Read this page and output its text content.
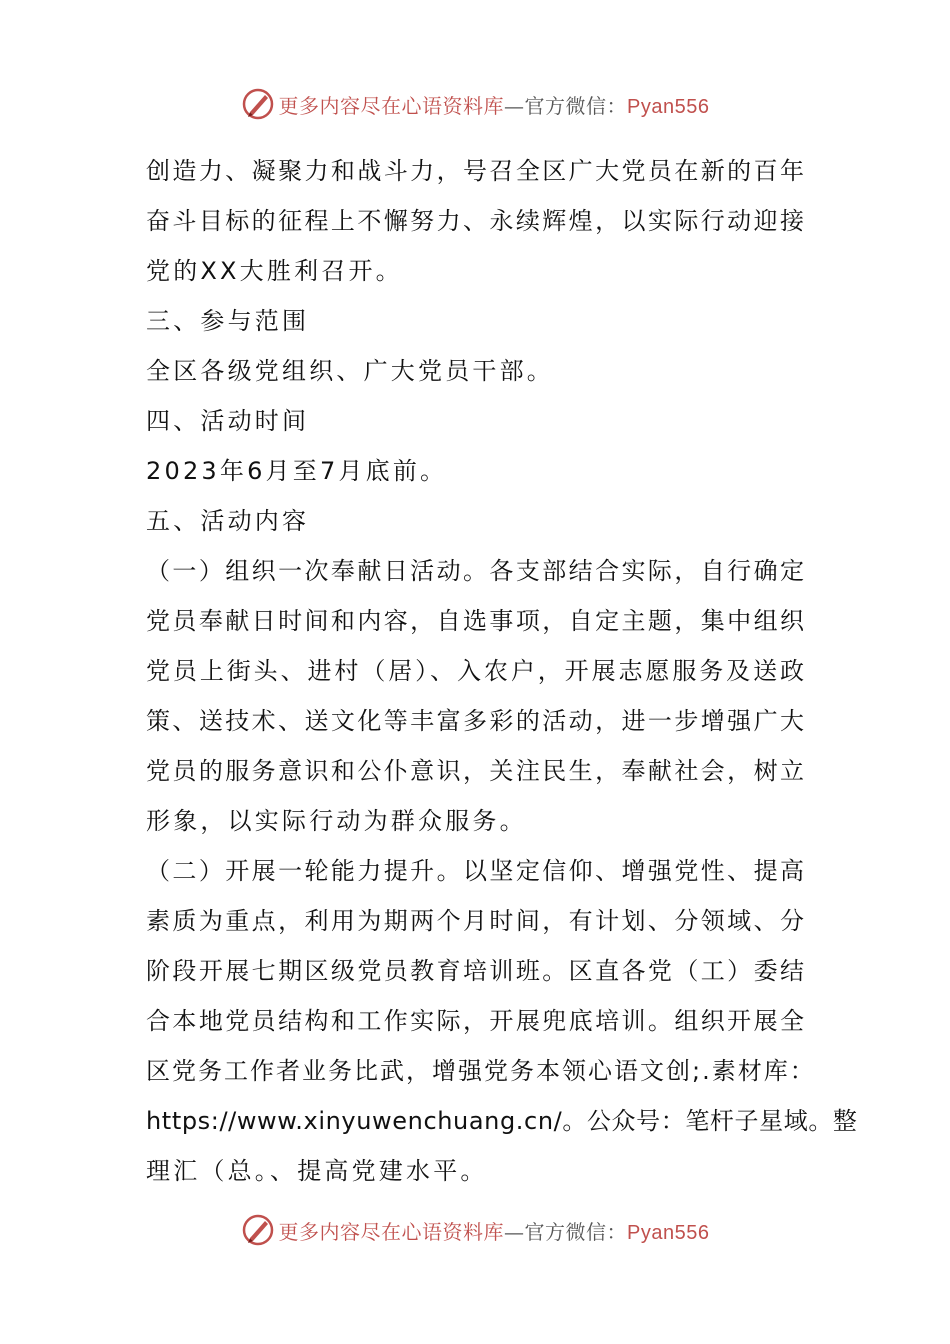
更多内容尽在心语资料库—官方微信：Pyan556
创造力、凝聚力和战斗力，号召全区广大党员在新的百年
奋斗目标的征程上不懈努力、永续辉煌，以实际行动迎接
党的XX大胜利召开。
三、参与范围
全区各级党组织、广大党员干部。
四、活动时间
2023年6月至7月底前。
五、活动内容
（一）组织一次奉献日活动。各支部结合实际，自行确定
党员奉献日时间和内容，自选事项，自定主题，集中组织
党员上街头、进村（居）、入农户，开展志愿服务及送政
策、送技术、送文化等丰富多彩的活动，进一步增强广大
党员的服务意识和公仆意识，关注民生，奉献社会，树立
形象，以实际行动为群众服务。
（二）开展一轮能力提升。以坚定信仰、增强党性、提高
素质为重点，利用为期两个月时间，有计划、分领域、分
阶段开展七期区级党员教育培训班。区直各党（工）委结
合本地党员结构和工作实际，开展兜底培训。组织开展全
区党务工作者业务比武，增强党务本领心语文创;.素材库：
https://www.xinyuwenchuang.cn/。公众号：笔杆子星域。整
理汇（总。、提高党建水平。
更多内容尽在心语资料库—官方微信：Pyan556
